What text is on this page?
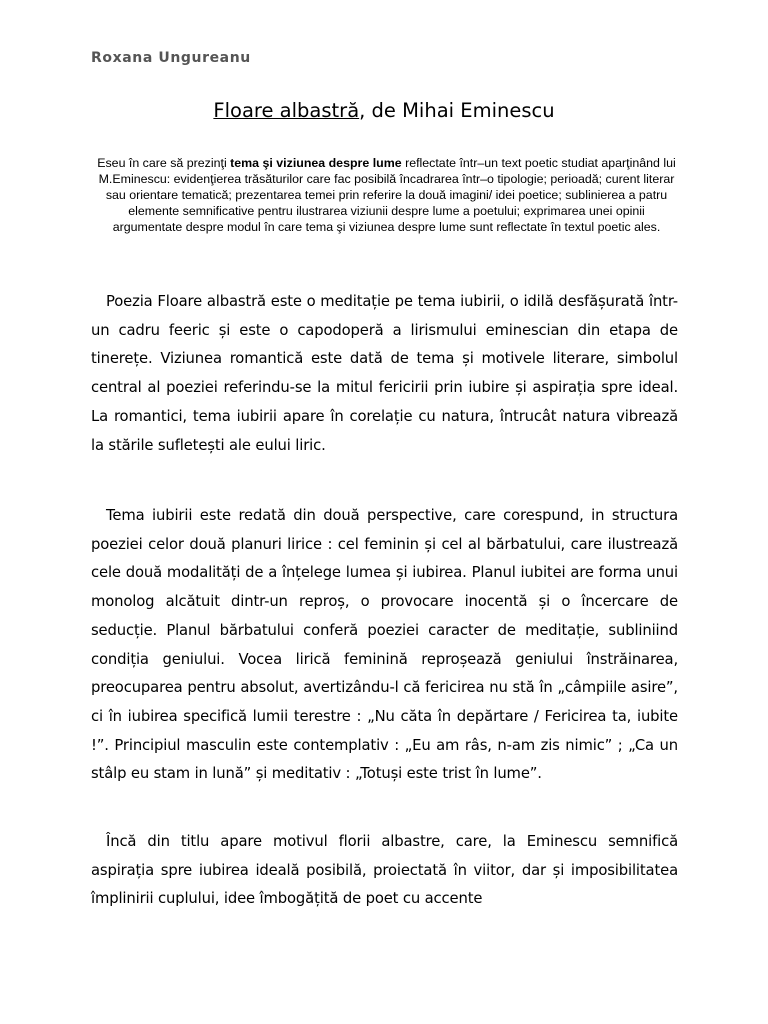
Roxana Ungureanu
Floare albastră, de Mihai Eminescu
Eseu în care să prezinţi tema şi viziunea despre lume reflectate într–un text poetic studiat aparţinând lui M.Eminescu: evidenţierea trăsăturilor care fac posibilă încadrarea într–o tipologie; perioadă; curent literar sau orientare tematică; prezentarea temei prin referire la două imagini/ idei poetice; sublinierea a patru elemente semnificative pentru ilustrarea viziunii despre lume a poetului; exprimarea unei opinii argumentate despre modul în care tema şi viziunea despre lume sunt reflectate în textul poetic ales.

Poezia Floare albastră este o meditație pe tema iubirii, o idilă desfășurată într-un cadru feeric și este o capodoperă a lirismului eminescian din etapa de tinerețe. Viziunea romantică este dată de tema și motivele literare, simbolul central al poeziei referindu-se la mitul fericirii prin iubire și aspirația spre ideal. La romantici, tema iubirii apare în corelație cu natura, întrucât natura vibrează la stările sufletești ale eului liric.

Tema iubirii este redată din două perspective, care corespund, in structura poeziei celor două planuri lirice : cel feminin și cel al bărbatului, care ilustrează cele două modalități de a înțelege lumea și iubirea. Planul iubitei are forma unui monolog alcătuit dintr-un reproș, o provocare inocentă și o încercare de seducție. Planul bărbatului conferă poeziei caracter de meditație, subliniind condiția geniului. Vocea lirică feminină reproșează geniului înstrăinarea, preocuparea pentru absolut, avertizându-l că fericirea nu stă în „câmpiile asire”, ci în iubirea specifică lumii terestre : „Nu căta în depărtare / Fericirea ta, iubite !”. Principiul masculin este contemplativ : „Eu am râs, n-am zis nimic” ; „Ca un stâlp eu stam in lună” și meditativ : „Totuși este trist în lume”.

Încă din titlu apare motivul florii albastre, care, la Eminescu semnifică aspirația spre iubirea ideală posibilă, proiectată în viitor, dar și imposibilitatea împlinirii cuplului, idee îmbogățită de poet cu accente
